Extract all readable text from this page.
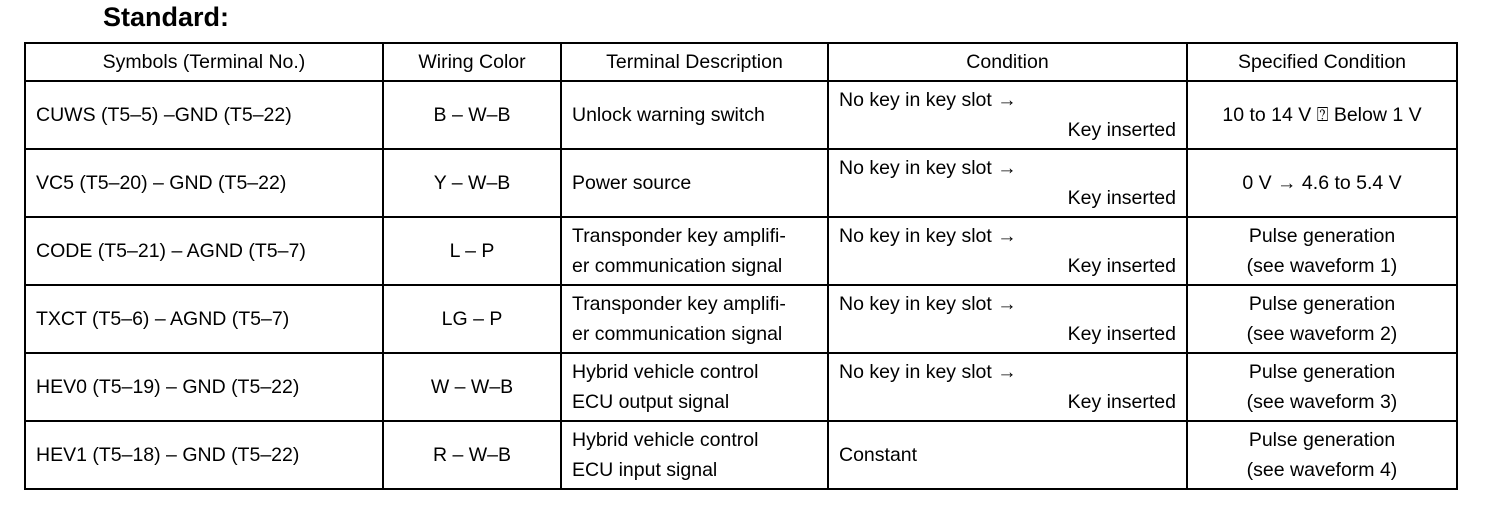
Standard:
Symbols (Terminal No.)	Wiring Color	Terminal Description	Condition	Specified Condition
CUWS (T5–5) –GND (T5–22)	B – W–B	Unlock warning switch	No key in key slot →
Key inserted	10 to 14 V ⍰ Below 1 V

VC5 (T5–20) – GND (T5–22)	Y – W–B	Power source	No key in key slot →
Key inserted	0 V → 4.6 to 5.4 V

CODE (T5–21) – AGND (T5–7)	L – P	Transponder key amplifi-
er communication signal	No key in key slot →
Key inserted	Pulse generation
(see waveform 1)

TXCT (T5–6) – AGND (T5–7)	LG – P	Transponder key amplifi-
er communication signal	No key in key slot →
Key inserted	Pulse generation
(see waveform 2)

HEV0 (T5–19) – GND (T5–22)	W – W–B	Hybrid vehicle control
ECU output signal	No key in key slot →
Key inserted	Pulse generation
(see waveform 3)

HEV1 (T5–18) – GND (T5–22)	R – W–B	Hybrid vehicle control
ECU input signal	Constant	Pulse generation
(see waveform 4)
